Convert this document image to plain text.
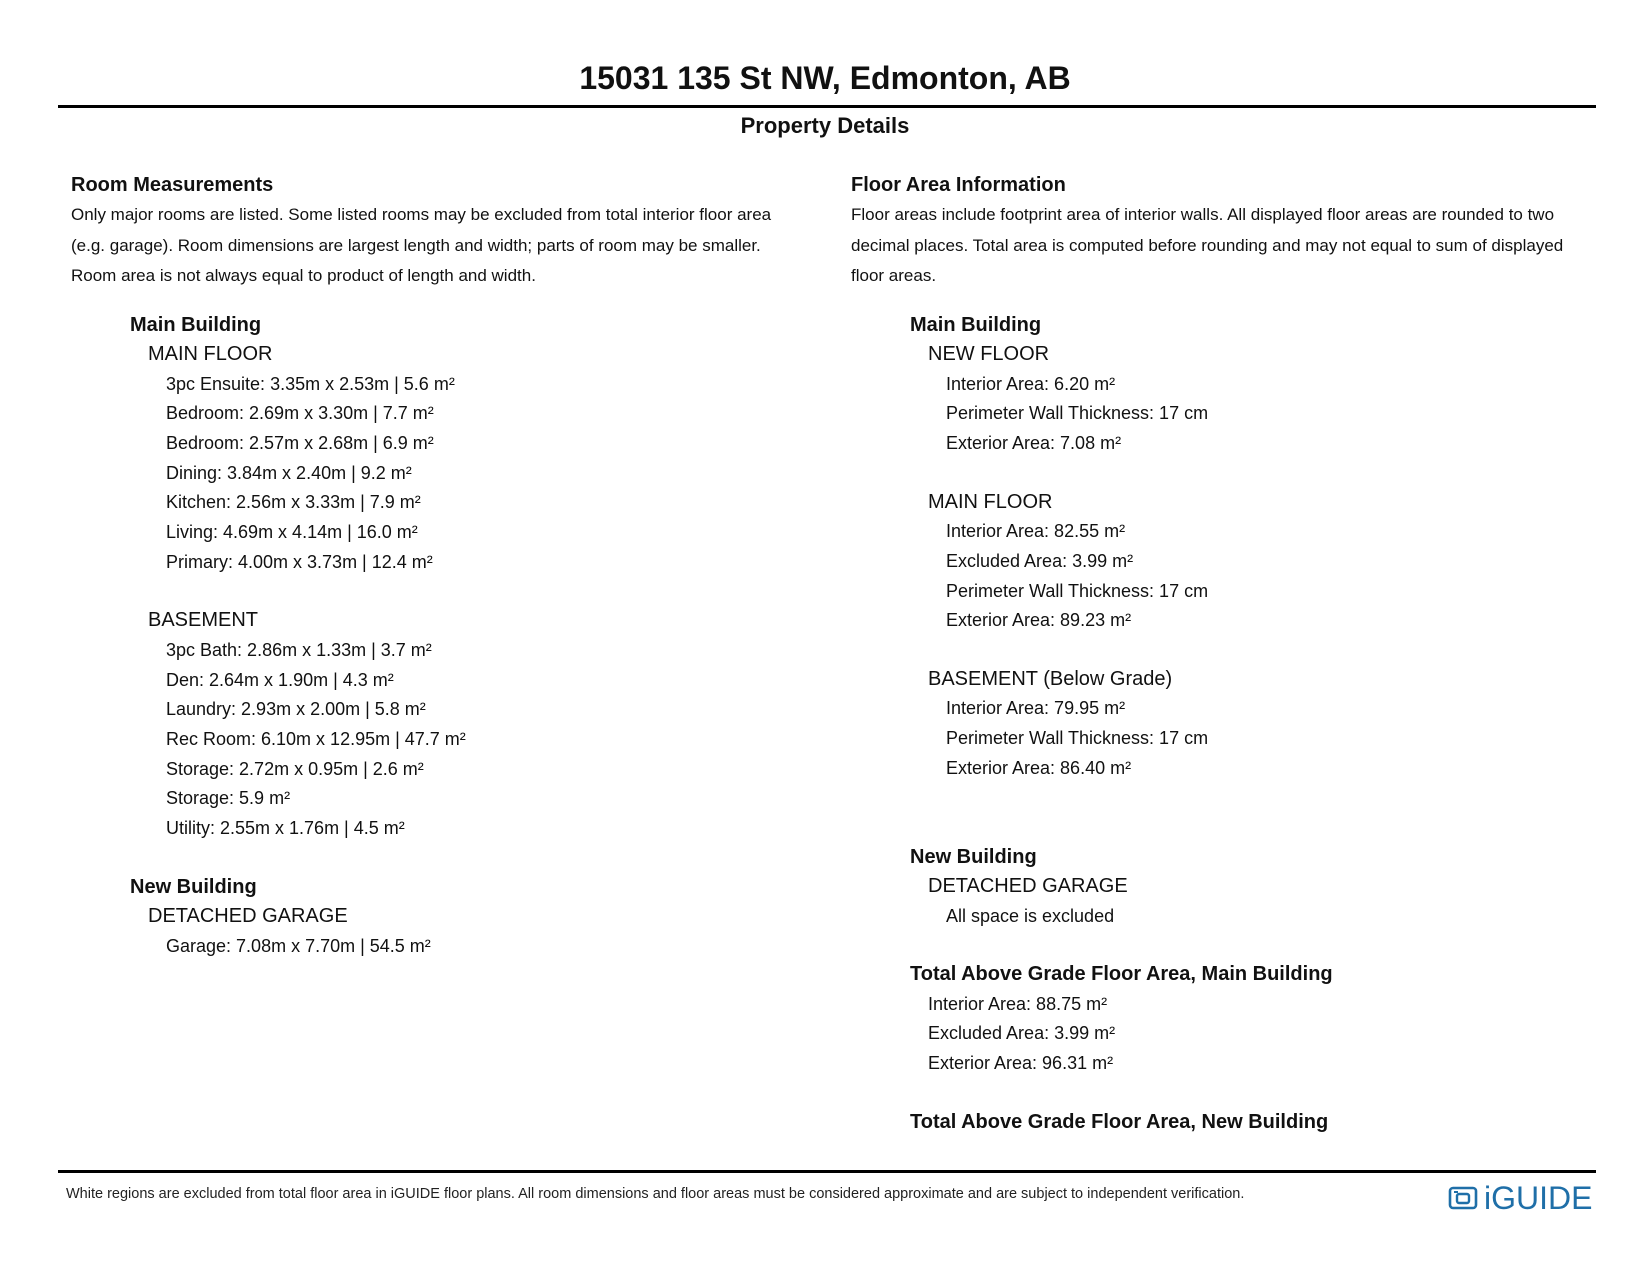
15031 135 St NW, Edmonton, AB
Property Details

Room Measurements

Only major rooms are listed. Some listed rooms may be excluded from total interior floor area
(e.g. garage). Room dimensions are largest length and width; parts of room may be smaller.
Room area is not always equal to product of length and width.

Main Building

MAIN FLOOR

3pc Ensuite: 3.35m x 2.53m | 5.6 m²

Bedroom: 2.69m x 3.30m | 7.7 m²

Bedroom: 2.57m x 2.68m | 6.9 m²

Dining: 3.84m x 2.40m | 9.2 m²

Kitchen: 2.56m x 3.33m | 7.9 m²

Living: 4.69m x 4.14m | 16.0 m²

Primary: 4.00m x 3.73m | 12.4 m²

BASEMENT

3pc Bath: 2.86m x 1.33m | 3.7 m²

Den: 2.64m x 1.90m | 4.3 m²

Laundry: 2.93m x 2.00m | 5.8 m²

Rec Room: 6.10m x 12.95m | 47.7 m²

Storage: 2.72m x 0.95m | 2.6 m²

Storage: 5.9 m²

Utility: 2.55m x 1.76m | 4.5 m²

New Building

DETACHED GARAGE

Garage: 7.08m x 7.70m | 54.5 m²

Floor Area Information

Floor areas include footprint area of interior walls. All displayed floor areas are rounded to two
decimal places. Total area is computed before rounding and may not equal to sum of displayed
floor areas.

Main Building

NEW FLOOR

Interior Area: 6.20 m²

Perimeter Wall Thickness: 17 cm

Exterior Area: 7.08 m²

MAIN FLOOR

Interior Area: 82.55 m²

Excluded Area: 3.99 m²

Perimeter Wall Thickness: 17 cm

Exterior Area: 89.23 m²

BASEMENT (Below Grade)

Interior Area: 79.95 m²

Perimeter Wall Thickness: 17 cm

Exterior Area: 86.40 m²

New Building

DETACHED GARAGE

All space is excluded

Total Above Grade Floor Area, Main Building

Interior Area: 88.75 m²

Excluded Area: 3.99 m²

Exterior Area: 96.31 m²

Total Above Grade Floor Area, New Building

White regions are excluded from total floor area in iGUIDE floor plans. All room dimensions and floor areas must be considered approximate and are subject to independent verification.	iGUIDE
